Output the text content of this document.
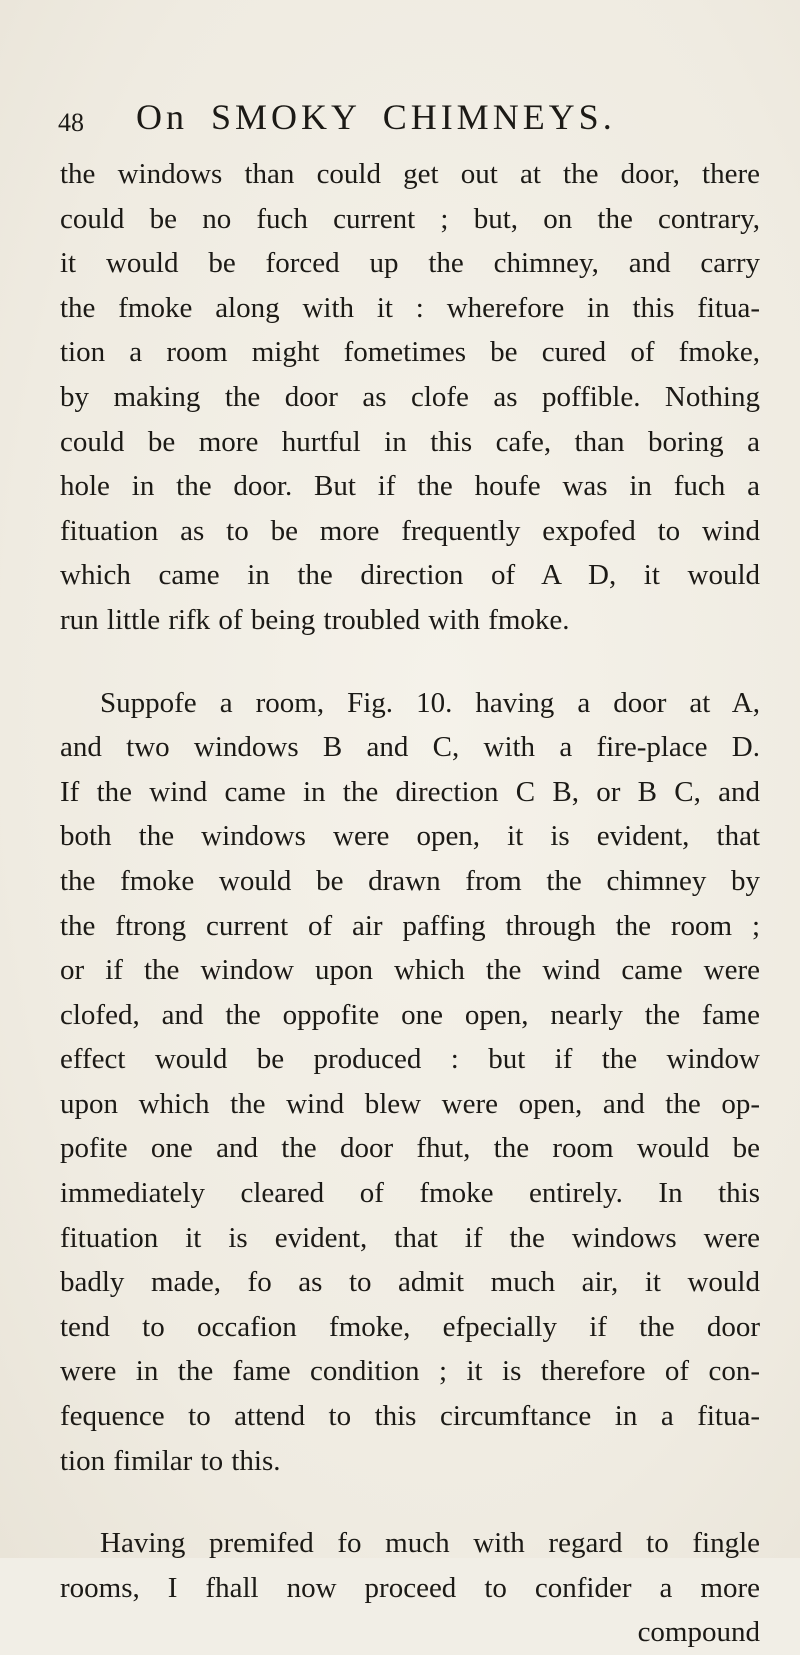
48 On SMOKY CHIMNEYS.
the windows than could get out at the door, there
could be no fuch current ; but, on the contrary,
it would be forced up the chimney, and carry
the fmoke along with it : wherefore in this fitua-
tion a room might fometimes be cured of fmoke,
by making the door as clofe as poffible. Nothing
could be more hurtful in this cafe, than boring a
hole in the door. But if the houfe was in fuch a
fituation as to be more frequently expofed to wind
which came in the direction of A D, it would
run little rifk of being troubled with fmoke.
Suppofe a room, Fig. 10. having a door at A,
and two windows B and C, with a fire-place D.
If the wind came in the direction C B, or B C, and
both the windows were open, it is evident, that
the fmoke would be drawn from the chimney by
the ftrong current of air paffing through the room ;
or if the window upon which the wind came were
clofed, and the oppofite one open, nearly the fame
effect would be produced : but if the window
upon which the wind blew were open, and the op-
pofite one and the door fhut, the room would be
immediately cleared of fmoke entirely. In this
fituation it is evident, that if the windows were
badly made, fo as to admit much air, it would
tend to occafion fmoke, efpecially if the door
were in the fame condition ; it is therefore of con-
fequence to attend to this circumftance in a fitua-
tion fimilar to this.
Having premifed fo much with regard to fingle
rooms, I fhall now proceed to confider a more
compound
